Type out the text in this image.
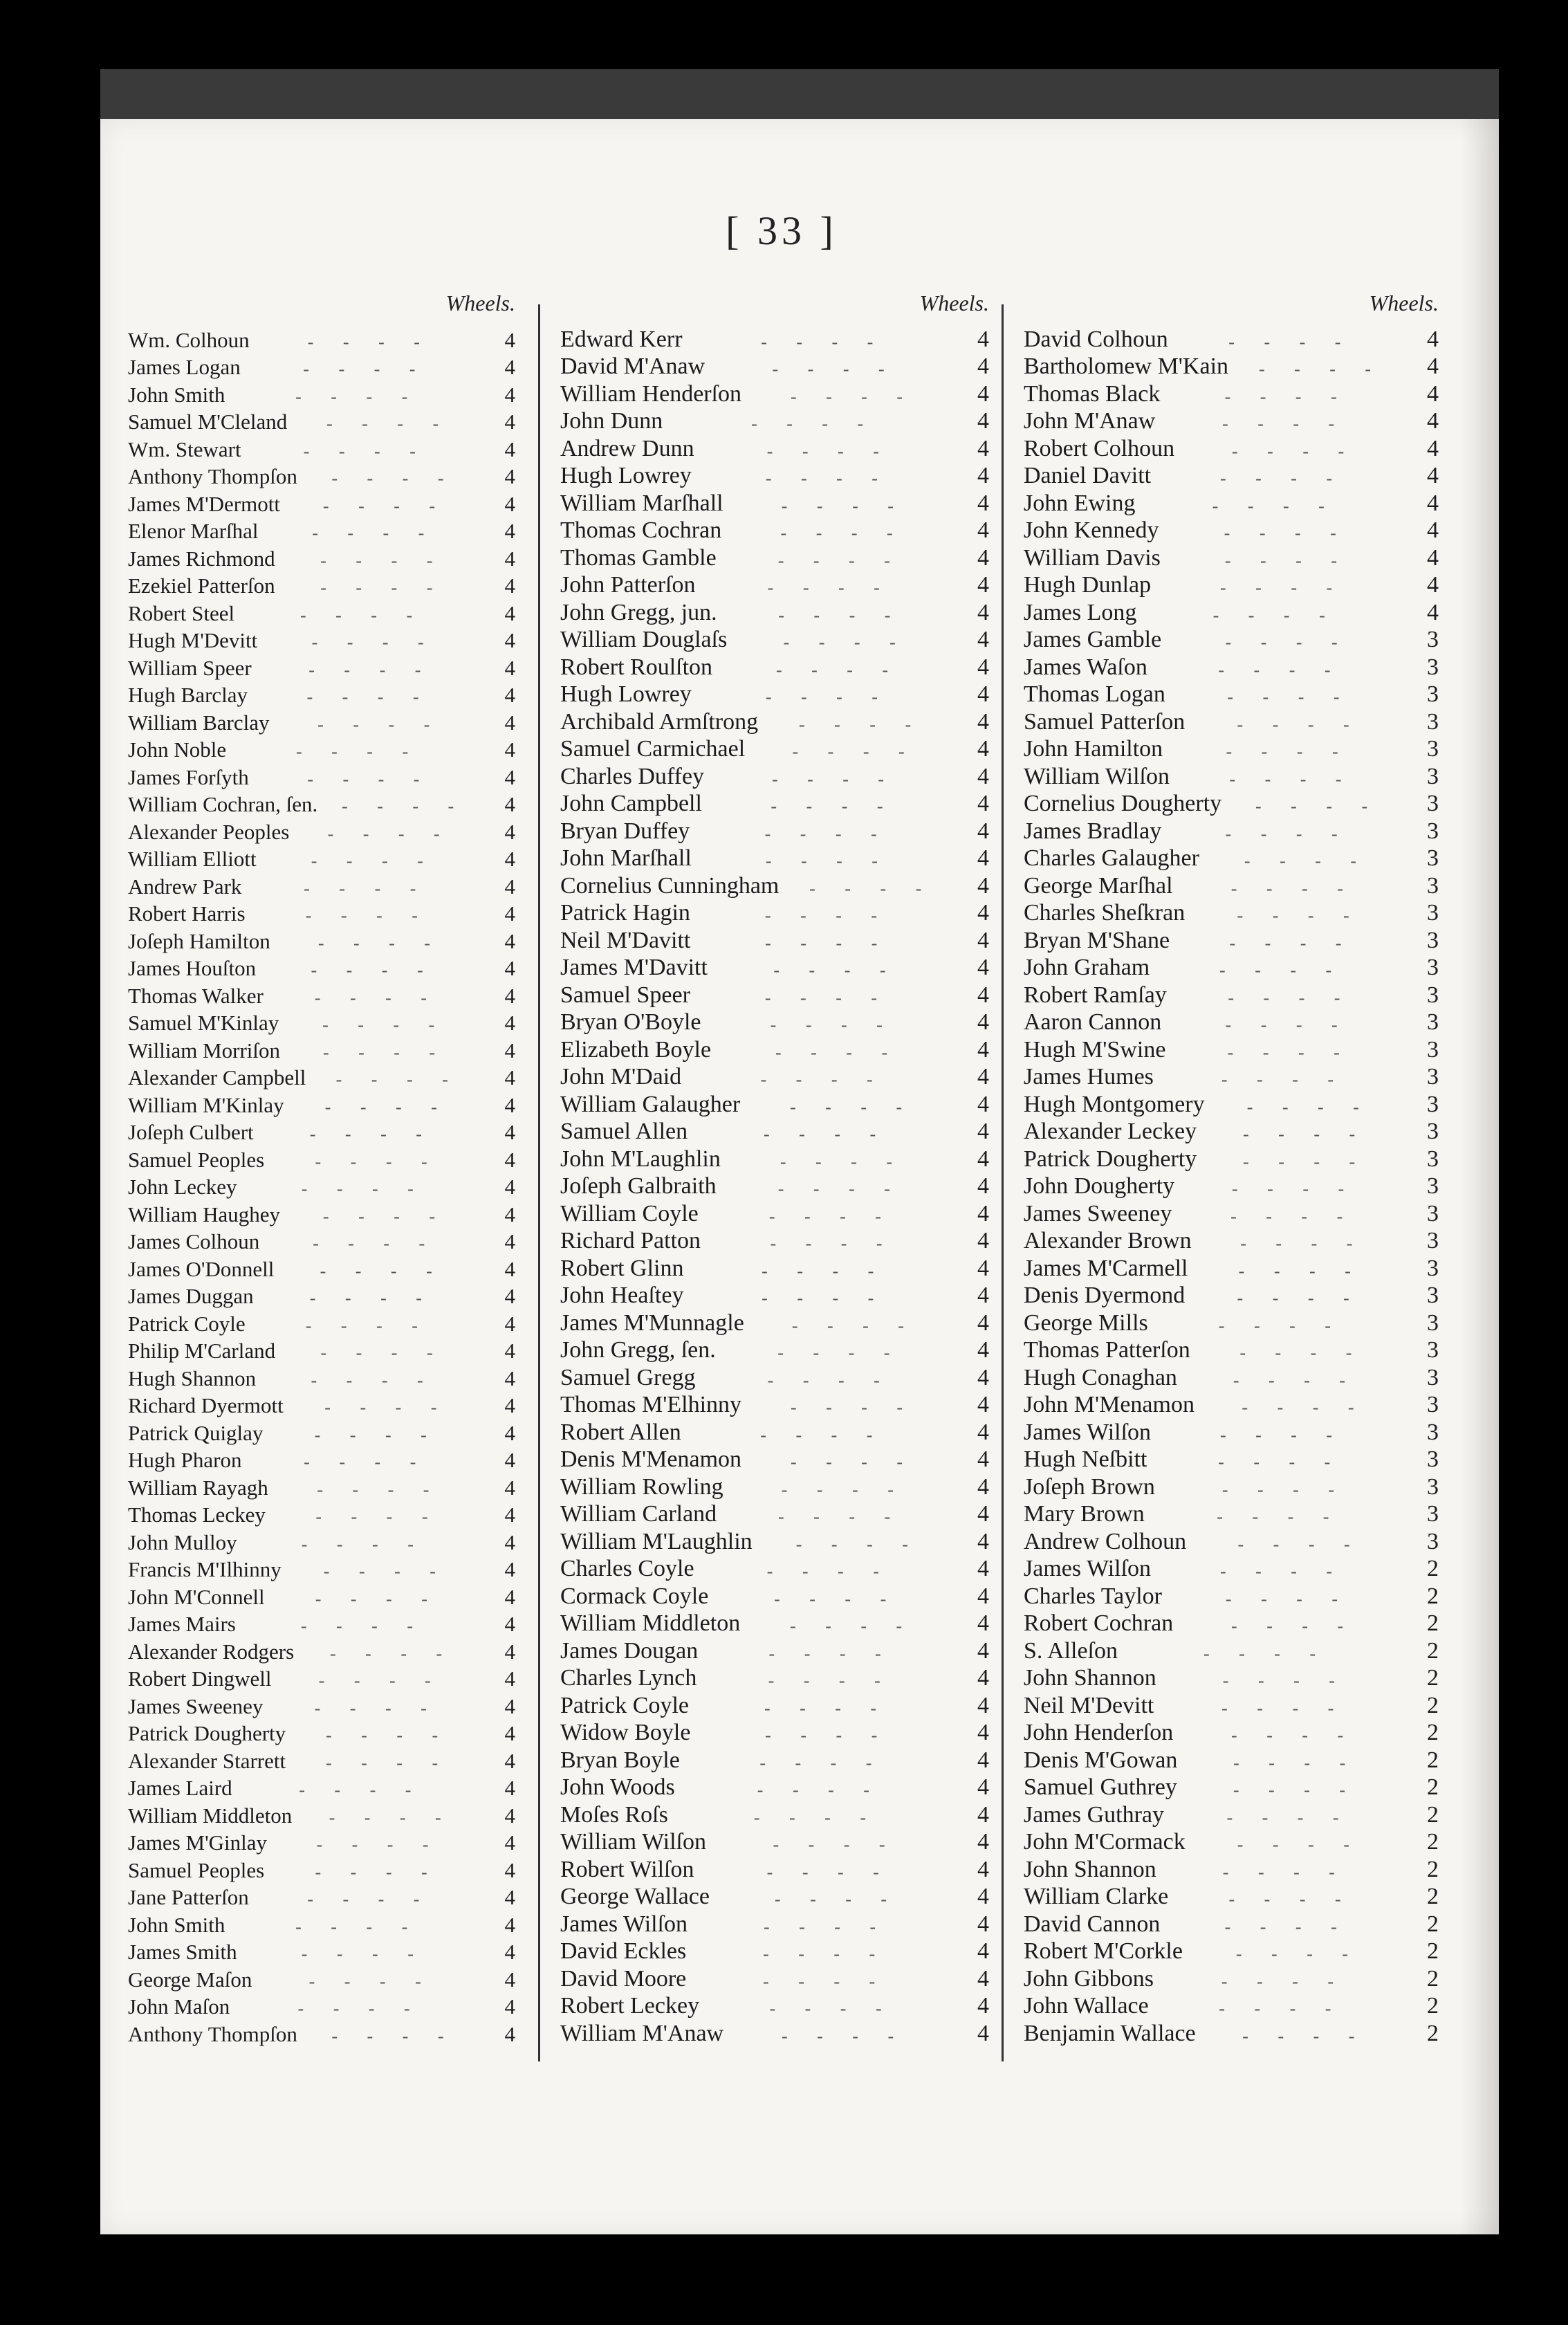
[ 33 ]
Wheels.
Wm. Colhoun	- - - -	4
James Logan	- - - -	4
John Smith	- - - -	4
Samuel M'Cleland	- - - -	4
Wm. Stewart	- - - -	4
Anthony Thompſon	- - - -	4
James M'Dermott	- - - -	4
Elenor Marſhal	- - - -	4
James Richmond	- - - -	4
Ezekiel Patterſon	- - - -	4
Robert Steel	- - - -	4
Hugh M'Devitt	- - - -	4
William Speer	- - - -	4
Hugh Barclay	- - - -	4
William Barclay	- - - -	4
John Noble	- - - -	4
James Forſyth	- - - -	4
William Cochran, ſen.	- - - -	4
Alexander Peoples	- - - -	4
William Elliott	- - - -	4
Andrew Park	- - - -	4
Robert Harris	- - - -	4
Joſeph Hamilton	- - - -	4
James Houſton	- - - -	4
Thomas Walker	- - - -	4
Samuel M'Kinlay	- - - -	4
William Morriſon	- - - -	4
Alexander Campbell	- - - -	4
William M'Kinlay	- - - -	4
Joſeph Culbert	- - - -	4
Samuel Peoples	- - - -	4
John Leckey	- - - -	4
William Haughey	- - - -	4
James Colhoun	- - - -	4
James O'Donnell	- - - -	4
James Duggan	- - - -	4
Patrick Coyle	- - - -	4
Philip M'Carland	- - - -	4
Hugh Shannon	- - - -	4
Richard Dyermott	- - - -	4
Patrick Quiglay	- - - -	4
Hugh Pharon	- - - -	4
William Rayagh	- - - -	4
Thomas Leckey	- - - -	4
John Mulloy	- - - -	4
Francis M'Ilhinny	- - - -	4
John M'Connell	- - - -	4
James Mairs	- - - -	4
Alexander Rodgers	- - - -	4
Robert Dingwell	- - - -	4
James Sweeney	- - - -	4
Patrick Dougherty	- - - -	4
Alexander Starrett	- - - -	4
James Laird	- - - -	4
William Middleton	- - - -	4
James M'Ginlay	- - - -	4
Samuel Peoples	- - - -	4
Jane Patterſon	- - - -	4
John Smith	- - - -	4
James Smith	- - - -	4
George Maſon	- - - -	4
John Maſon	- - - -	4
Anthony Thompſon	- - - -	4
Wheels.
Edward Kerr	- - - -	4
David M'Anaw	- - - -	4
William Henderſon	- - - -	4
John Dunn	- - - -	4
Andrew Dunn	- - - -	4
Hugh Lowrey	- - - -	4
William Marſhall	- - - -	4
Thomas Cochran	- - - -	4
Thomas Gamble	- - - -	4
John Patterſon	- - - -	4
John Gregg, jun.	- - - -	4
William Douglaſs	- - - -	4
Robert Roulſton	- - - -	4
Hugh Lowrey	- - - -	4
Archibald Armſtrong	- - - -	4
Samuel Carmichael	- - - -	4
Charles Duffey	- - - -	4
John Campbell	- - - -	4
Bryan Duffey	- - - -	4
John Marſhall	- - - -	4
Cornelius Cunningham	- - - -	4
Patrick Hagin	- - - -	4
Neil M'Davitt	- - - -	4
James M'Davitt	- - - -	4
Samuel Speer	- - - -	4
Bryan O'Boyle	- - - -	4
Elizabeth Boyle	- - - -	4
John M'Daid	- - - -	4
William Galaugher	- - - -	4
Samuel Allen	- - - -	4
John M'Laughlin	- - - -	4
Joſeph Galbraith	- - - -	4
William Coyle	- - - -	4
Richard Patton	- - - -	4
Robert Glinn	- - - -	4
John Heaſtey	- - - -	4
James M'Munnagle	- - - -	4
John Gregg, ſen.	- - - -	4
Samuel Gregg	- - - -	4
Thomas M'Elhinny	- - - -	4
Robert Allen	- - - -	4
Denis M'Menamon	- - - -	4
William Rowling	- - - -	4
William Carland	- - - -	4
William M'Laughlin	- - - -	4
Charles Coyle	- - - -	4
Cormack Coyle	- - - -	4
William Middleton	- - - -	4
James Dougan	- - - -	4
Charles Lynch	- - - -	4
Patrick Coyle	- - - -	4
Widow Boyle	- - - -	4
Bryan Boyle	- - - -	4
John Woods	- - - -	4
Moſes Roſs	- - - -	4
William Wilſon	- - - -	4
Robert Wilſon	- - - -	4
George Wallace	- - - -	4
James Wilſon	- - - -	4
David Eckles	- - - -	4
David Moore	- - - -	4
Robert Leckey	- - - -	4
William M'Anaw	- - - -	4
Wheels.
David Colhoun	- - - -	4
Bartholomew M'Kain	- - - -	4
Thomas Black	- - - -	4
John M'Anaw	- - - -	4
Robert Colhoun	- - - -	4
Daniel Davitt	- - - -	4
John Ewing	- - - -	4
John Kennedy	- - - -	4
William Davis	- - - -	4
Hugh Dunlap	- - - -	4
James Long	- - - -	4
James Gamble	- - - -	3
James Waſon	- - - -	3
Thomas Logan	- - - -	3
Samuel Patterſon	- - - -	3
John Hamilton	- - - -	3
William Wilſon	- - - -	3
Cornelius Dougherty	- - - -	3
James Bradlay	- - - -	3
Charles Galaugher	- - - -	3
George Marſhal	- - - -	3
Charles Sheſkran	- - - -	3
Bryan M'Shane	- - - -	3
John Graham	- - - -	3
Robert Ramſay	- - - -	3
Aaron Cannon	- - - -	3
Hugh M'Swine	- - - -	3
James Humes	- - - -	3
Hugh Montgomery	- - - -	3
Alexander Leckey	- - - -	3
Patrick Dougherty	- - - -	3
John Dougherty	- - - -	3
James Sweeney	- - - -	3
Alexander Brown	- - - -	3
James M'Carmell	- - - -	3
Denis Dyermond	- - - -	3
George Mills	- - - -	3
Thomas Patterſon	- - - -	3
Hugh Conaghan	- - - -	3
John M'Menamon	- - - -	3
James Wilſon	- - - -	3
Hugh Neſbitt	- - - -	3
Joſeph Brown	- - - -	3
Mary Brown	- - - -	3
Andrew Colhoun	- - - -	3
James Wilſon	- - - -	2
Charles Taylor	- - - -	2
Robert Cochran	- - - -	2
S. Alleſon	- - - -	2
John Shannon	- - - -	2
Neil M'Devitt	- - - -	2
John Henderſon	- - - -	2
Denis M'Gowan	- - - -	2
Samuel Guthrey	- - - -	2
James Guthray	- - - -	2
John M'Cormack	- - - -	2
John Shannon	- - - -	2
William Clarke	- - - -	2
David Cannon	- - - -	2
Robert M'Corkle	- - - -	2
John Gibbons	- - - -	2
John Wallace	- - - -	2
Benjamin Wallace	- - - -	2
